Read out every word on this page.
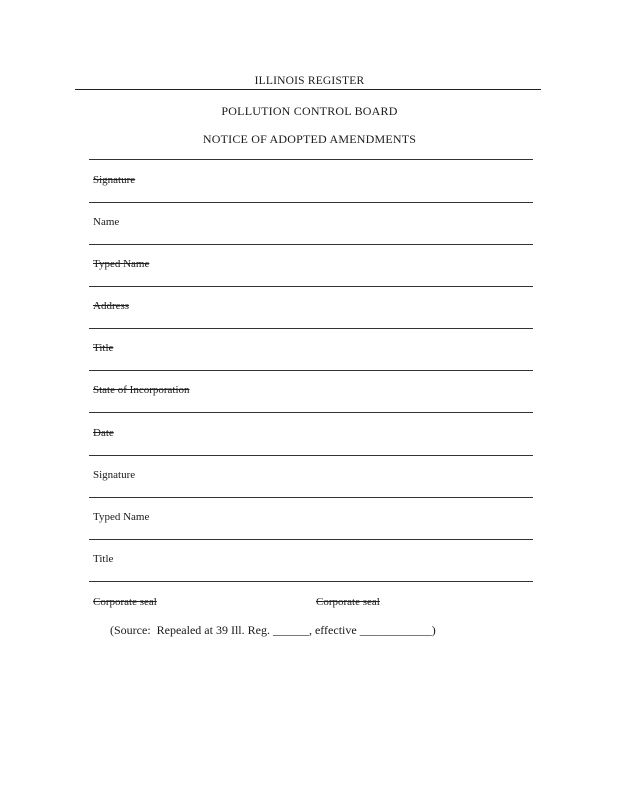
ILLINOIS REGISTER
POLLUTION CONTROL BOARD
NOTICE OF ADOPTED AMENDMENTS
Signature
Name
Typed Name
Address
Title
State of Incorporation
Date
Signature
Typed Name
Title
Corporate seal	Corporate seal
(Source:  Repealed at 39 Ill. Reg. ______, effective ____________)
